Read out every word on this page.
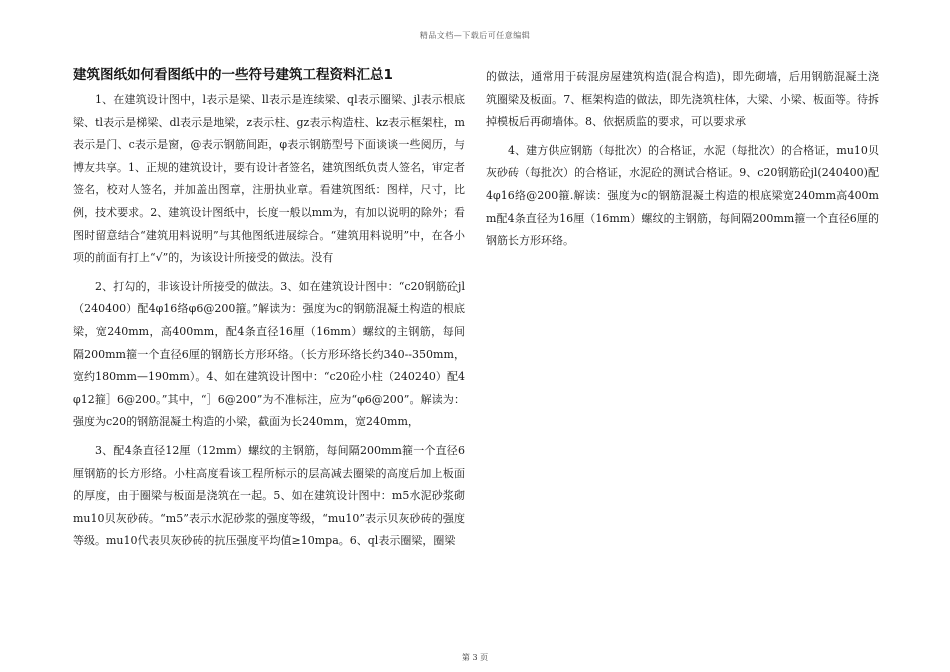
精品文档—下载后可任意编辑
建筑图纸如何看图纸中的一些符号建筑工程资料汇总1

1、在建筑设计图中，l表示是梁、ll表示是连续梁、ql表示圈梁、jl表示根底梁、tl表示是梯梁、dl表示是地梁，z表示柱、gz表示构造柱、kz表示框架柱，m表示是门、c表示是窗，@表示钢筋间距，φ表示钢筋型号下面谈谈一些阅历，与博友共享。1、正规的建筑设计，要有设计者签名，建筑图纸负责人签名，审定者签名，校对人签名，并加盖出图章，注册执业章。看建筑图纸：图样，尺寸，比例，技术要求。2、建筑设计图纸中，长度一般以mm为，有加以说明的除外；看图时留意结合“建筑用料说明”与其他图纸进展综合。“建筑用料说明”中，在各小项的前面有打上“√”的，为该设计所接受的做法。没有

2、打勾的，非该设计所接受的做法。3、如在建筑设计图中：“c20钢筋砼jl（240400）配4φ16络φ6@200箍。”解读为：强度为c的钢筋混凝土构造的根底梁，宽240mm，高400mm，配4条直径16厘（16mm）螺纹的主钢筋，每间隔200mm箍一个直径6厘的钢筋长方形环络。（长方形环络长约340--350mm，宽约180mm—190mm）。4、如在建筑设计图中：“c20砼小柱（240240）配4φ12箍］6@200。”其中，“］6@200”为不准标注，应为“φ6@200”。解读为：强度为c20的钢筋混凝土构造的小梁，截面为长240mm，宽240mm，

3、配4条直径12厘（12mm）螺纹的主钢筋，每间隔200mm箍一个直径6厘钢筋的长方形络。小柱高度看该工程所标示的层高减去圈梁的高度后加上板面的厚度，由于圈梁与板面是浇筑在一起。5、如在建筑设计图中：m5水泥砂浆砌mu10贝灰砂砖。“m5”表示水泥砂浆的强度等级，“mu10”表示贝灰砂砖的强度等级。mu10代表贝灰砂砖的抗压强度平均值≥10mpa。6、ql表示圈梁，圈梁

的做法，通常用于砖混房屋建筑构造(混合构造)，即先砌墙，后用钢筋混凝土浇筑圈梁及板面。7、框架构造的做法，即先浇筑柱体，大梁、小梁、板面等。待拆掉模板后再砌墙体。8、依据质监的要求，可以要求承

4、建方供应钢筋（每批次）的合格证，水泥（每批次）的合格证，mu10贝灰砂砖（每批次）的合格证，水泥砼的测试合格证。9、c20钢筋砼jl(240400)配4φ16络@200箍.解读：强度为c的钢筋混凝土构造的根底梁宽240mm高400mm配4条直径为16厘（16mm）螺纹的主钢筋，每间隔200mm箍一个直径6厘的钢筋长方形环络。

第 3 页
